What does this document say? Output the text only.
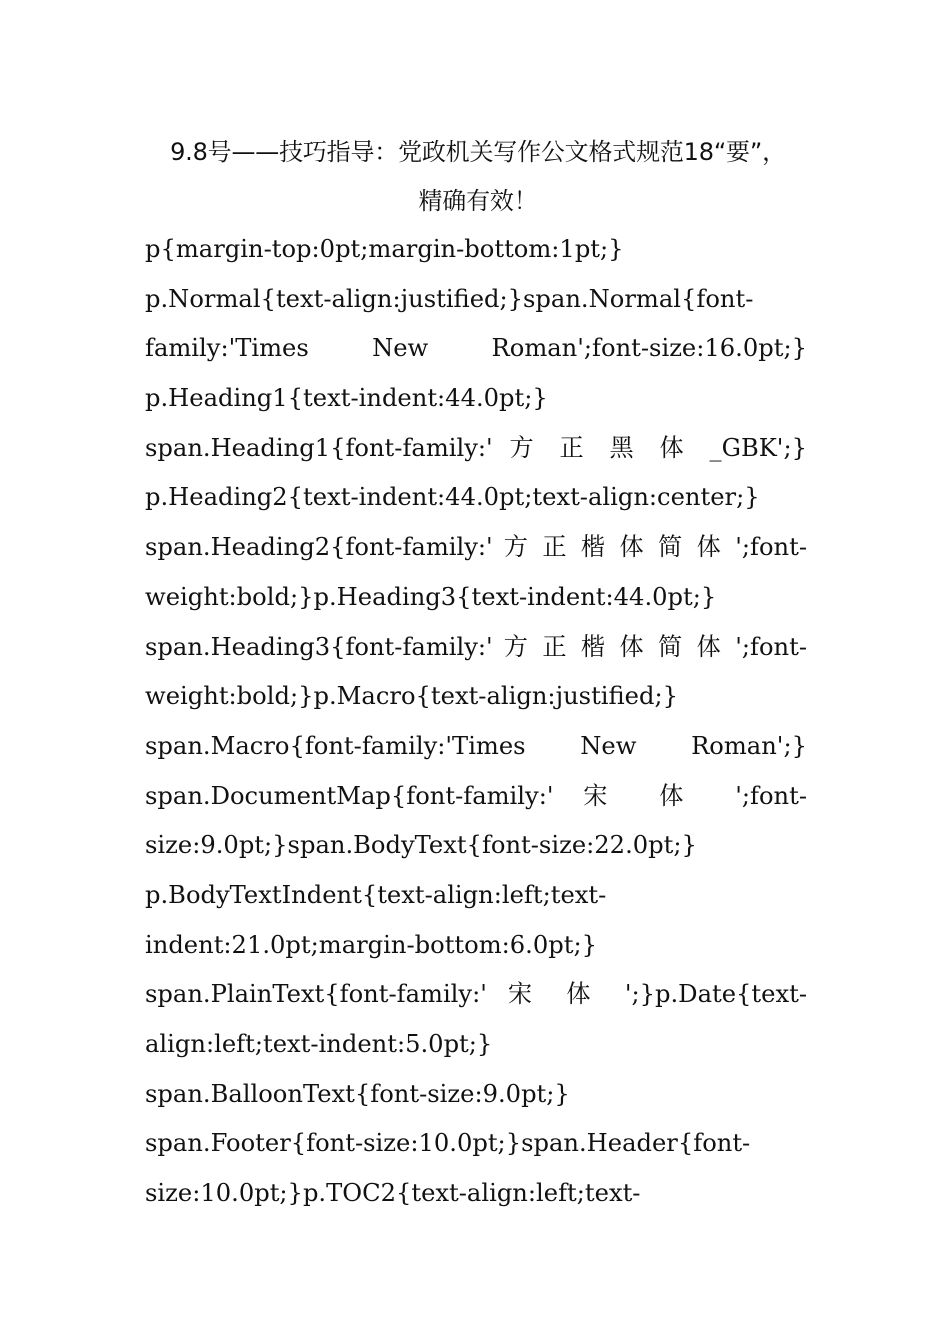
9.8号——技巧指导：党政机关写作公文格式规范18“要”，
精确有效！
p{margin-top:0pt;margin-bottom:1pt;}
p.Normal{text-align:justified;}span.Normal{font-
family:'Times New Roman';font-size:16.0pt;}
p.Heading1{text-indent:44.0pt;}
span.Heading1{font-family:' 方 正 黑 体 _GBK';}
p.Heading2{text-indent:44.0pt;text-align:center;}
span.Heading2{font-family:' 方 正 楷 体 简 体 ';font-
weight:bold;}p.Heading3{text-indent:44.0pt;}
span.Heading3{font-family:' 方 正 楷 体 简 体 ';font-
weight:bold;}p.Macro{text-align:justified;}
span.Macro{font-family:'Times New Roman';}
span.DocumentMap{font-family:' 宋 体 ';font-
size:9.0pt;}span.BodyText{font-size:22.0pt;}
p.BodyTextIndent{text-align:left;text-
indent:21.0pt;margin-bottom:6.0pt;}
span.PlainText{font-family:' 宋 体 ';}p.Date{text-
align:left;text-indent:5.0pt;}
span.BalloonText{font-size:9.0pt;}
span.Footer{font-size:10.0pt;}span.Header{font-
size:10.0pt;}p.TOC2{text-align:left;text-
